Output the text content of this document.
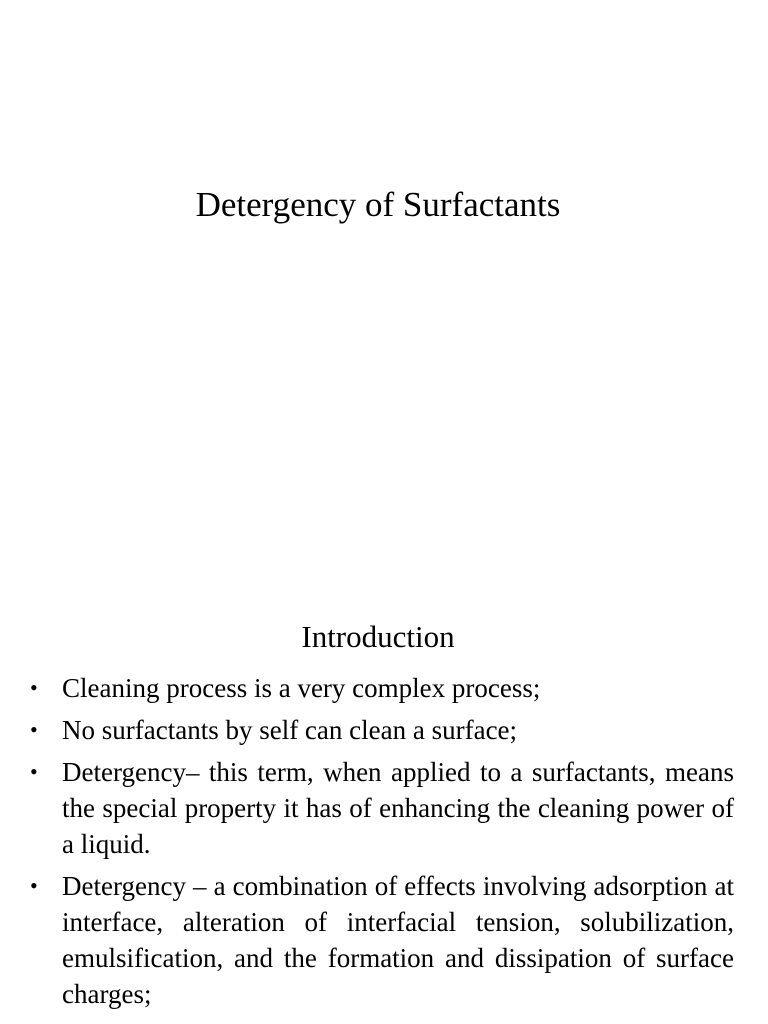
Detergency of Surfactants
Introduction
• Cleaning process is a very complex process;
• No surfactants by self can clean a surface;
• Detergency– this term, when applied to a surfactants, means the special property it has of enhancing the cleaning power of a liquid.
• Detergency – a combination of effects involving adsorption at interface, alteration of interfacial tension, solubilization, emulsification, and the formation and dissipation of surface charges;
